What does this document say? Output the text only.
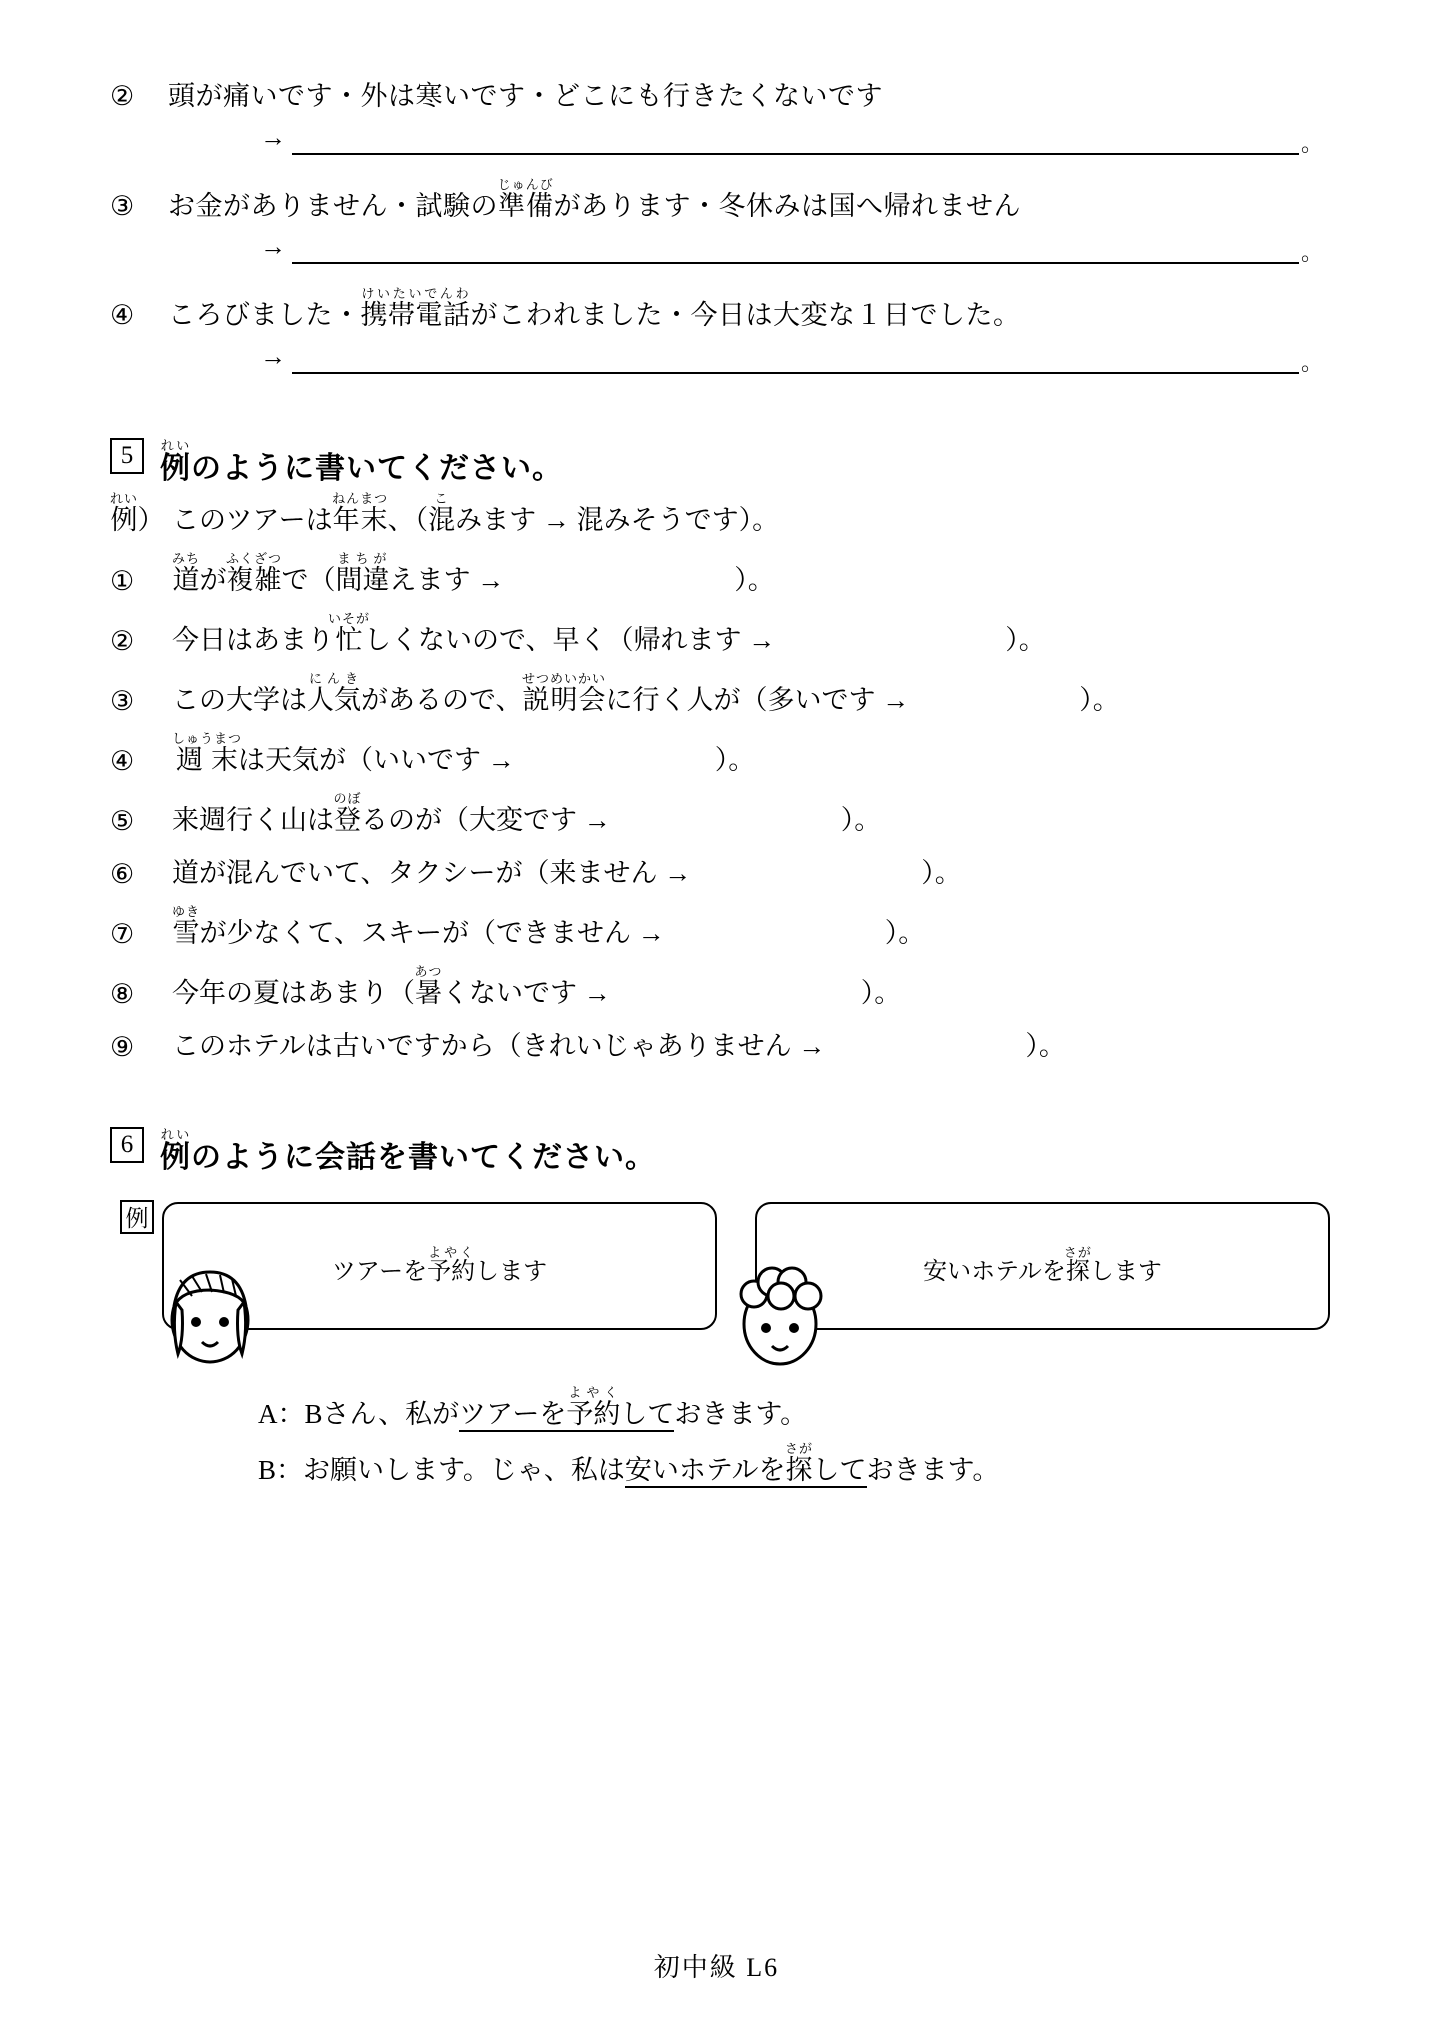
②	頭が痛いです・外は寒いです・どこにも行きたくないです
→	。
③	お金がありません・試験の準備じゅんびがあります・冬休みは国へ帰れません
→	。
④	ころびました・携帯電話けいたいでんわがこわれました・今日は大変な１日でした。
→	。
5 例れいのように書いてください。
例れい） このツアーは年末ねんまつ、（混こみます → 混みそうです）。
①	道みちが複雑ふくざつで（間違まちがえます →	）。
②	今日はあまり忙いそがしくないので、早く（帰れます →	）。
③	この大学は人気にんきがあるので、説明会せつめいかいに行く人が（多いです →	）。
④	週末しゅうまつは天気が（いいです →	）。
⑤	来週行く山は登のぼるのが（大変です →	）。
⑥	道が混んでいて、タクシーが（来ません →	）。
⑦	雪ゆきが少なくて、スキーが（できません →	）。
⑧	今年の夏はあまり（暑あつくないです →	）。
⑨	このホテルは古いですから（きれいじゃありません →	）。
6 例れいのように会話を書いてください。
例
ツアーを予約よやくします	安いホテルを探さがします
A：Bさん、私がツアーを予約よやくしておきます。
B：お願いします。じゃ、私は安いホテルを探さがしておきます。
初中級 L6
